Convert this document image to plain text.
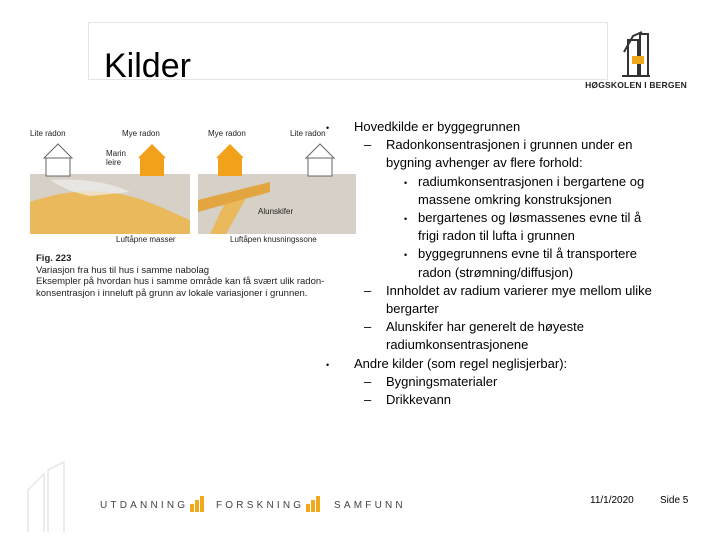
Kilder	HØGSKOLEN I BERGEN
Lite radon	Mye radon	Mye radon	Lite radon
Marin leire
Alunskifer
Luftåpne masser	Luftåpen knusningssone
Fig. 223
Variasjon fra hus til hus i samme nabolag
Eksempler på hvordan hus i samme område kan få svært ulik radon-
konsentrasjon i inneluft på grunn av lokale variasjoner i grunnen.
• Hovedkilde er byggegrunnen
– Radonkonsentrasjonen i grunnen under en
bygning avhenger av flere forhold:
• radiumkonsentrasjonen i bergartene og
massene omkring konstruksjonen
• bergartenes og løsmassenes evne til å
frigi radon til lufta i grunnen
• byggegrunnens evne til å transportere
radon (strømning/diffusjon)
– Innholdet av radium varierer mye mellom ulike
bergarter
– Alunskifer har generelt de høyeste
radiumkonsentrasjonene
• Andre kilder (som regel neglisjerbar):
– Bygningsmaterialer
– Drikkevann
UTDANNING	FORSKNING	SAMFUNN	11/1/2020	Side 5
